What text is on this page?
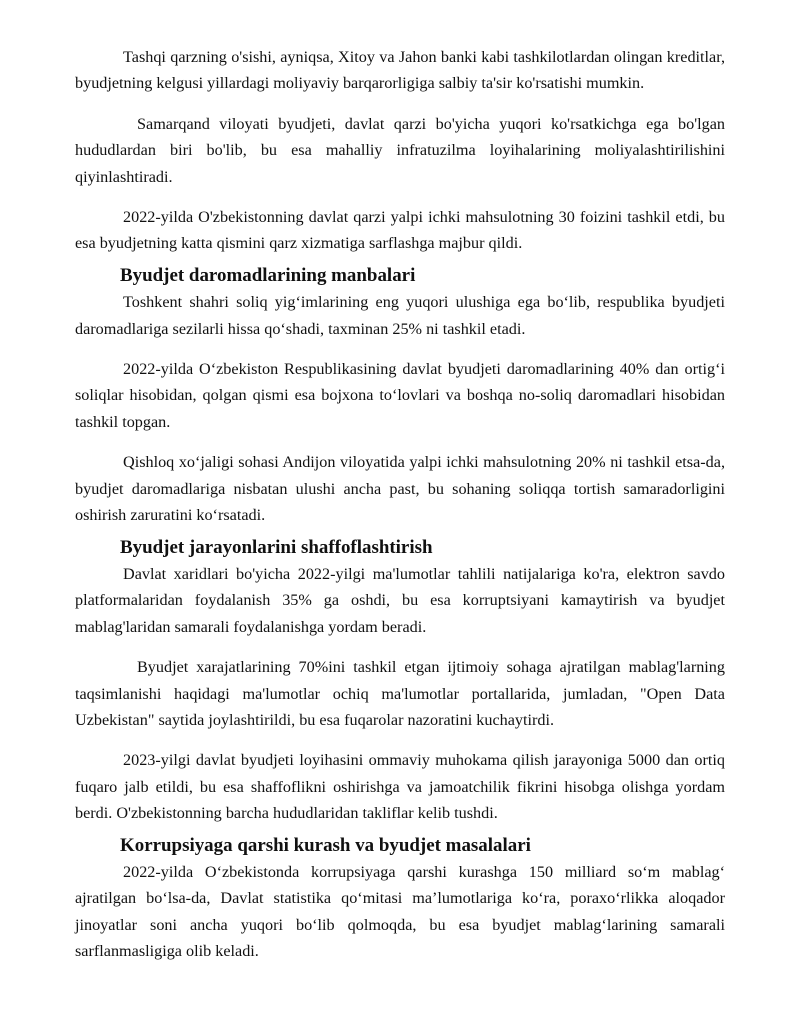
Tashqi qarzning o'sishi, ayniqsa, Xitoy va Jahon banki kabi tashkilotlardan olingan kreditlar, byudjetning kelgusi yillardagi moliyaviy barqarorligiga salbiy ta'sir ko'rsatishi mumkin.

Samarqand viloyati byudjeti, davlat qarzi bo'yicha yuqori ko'rsatkichga ega bo'lgan hududlardan biri bo'lib, bu esa mahalliy infratuzilma loyihalarining moliyalashtirilishini qiyinlashtiradi.

2022-yilda O'zbekistonning davlat qarzi yalpi ichki mahsulotning 30 foizini tashkil etdi, bu esa byudjetning katta qismini qarz xizmatiga sarflashga majbur qildi.

Byudjet daromadlarining manbalari

Toshkent shahri soliq yig‘imlarining eng yuqori ulushiga ega bo‘lib, respublika byudjeti daromadlariga sezilarli hissa qo‘shadi, taxminan 25% ni tashkil etadi.

2022-yilda O‘zbekiston Respublikasining davlat byudjeti daromadlarining 40% dan ortig‘i soliqlar hisobidan, qolgan qismi esa bojxona to‘lovlari va boshqa no-soliq daromadlari hisobidan tashkil topgan.

Qishloq xo‘jaligi sohasi Andijon viloyatida yalpi ichki mahsulotning 20% ni tashkil etsa-da, byudjet daromadlariga nisbatan ulushi ancha past, bu sohaning soliqqa tortish samaradorligini oshirish zaruratini ko‘rsatadi.

Byudjet jarayonlarini shaffoflashtirish

Davlat xaridlari bo'yicha 2022-yilgi ma'lumotlar tahlili natijalariga ko'ra, elektron savdo platformalaridan foydalanish 35% ga oshdi, bu esa korruptsiyani kamaytirish va byudjet mablag'laridan samarali foydalanishga yordam beradi.

Byudjet xarajatlarining 70%ini tashkil etgan ijtimoiy sohaga ajratilgan mablag'larning taqsimlanishi haqidagi ma'lumotlar ochiq ma'lumotlar portallarida, jumladan, "Open Data Uzbekistan" saytida joylashtirildi, bu esa fuqarolar nazoratini kuchaytirdi.

2023-yilgi davlat byudjeti loyihasini ommaviy muhokama qilish jarayoniga 5000 dan ortiq fuqaro jalb etildi, bu esa shaffoflikni oshirishga va jamoatchilik fikrini hisobga olishga yordam berdi. O'zbekistonning barcha hududlaridan takliflar kelib tushdi.

Korrupsiyaga qarshi kurash va byudjet masalalari

2022-yilda O‘zbekistonda korrupsiyaga qarshi kurashga 150 milliard so‘m mablag‘ ajratilgan bo‘lsa-da, Davlat statistika qo‘mitasi ma’lumotlariga ko‘ra, poraxo‘rlikka aloqador jinoyatlar soni ancha yuqori bo‘lib qolmoqda, bu esa byudjet mablag‘larining samarali sarflanmasligiga olib keladi.
